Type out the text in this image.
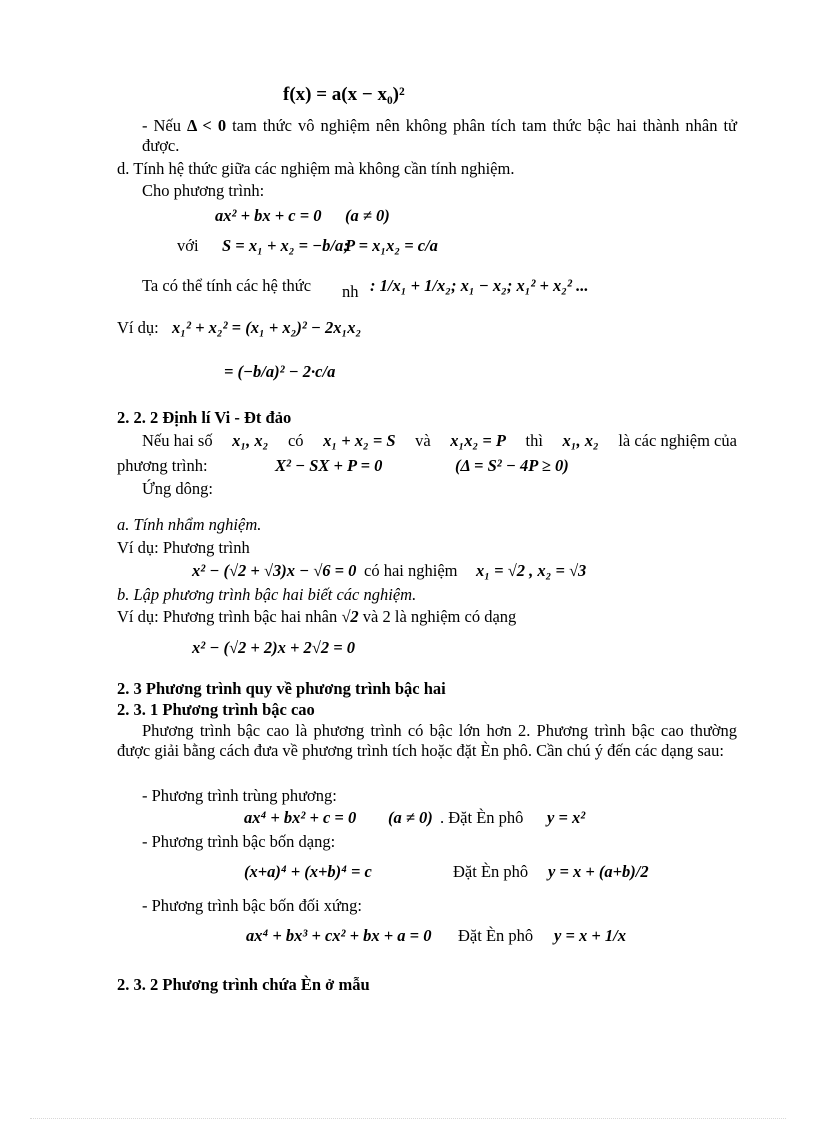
f(x) = a(x − x₀)²
- Nếu Δ < 0 tam thức vô nghiệm nên không phân tích tam thức bậc hai thành nhân tử được.
d. Tính hệ thức giữa các nghiệm mà không cần tính nghiệm.
Cho phương trình:
ax² + bx + c = 0 (a ≠ 0)
với S = x₁ + x₂ = −b/a;
P = x₁x₂ = c/a
Ta có thể tính các hệ thức nh : 1/x₁ + 1/x₂; x₁ − x₂; x₁² + x₂² ...
Ví dụ: x₁² + x₂² = (x₁ + x₂)² − 2x₁x₂
= (−b/a)² − 2·c/a
2. 2. 2 Định lí Vi - Đt đảo
Nếu hai số x₁, x₂ có x₁ + x₂ = S và x₁x₂ = P thì x₁, x₂ là các nghiệm của
phương trình:	X² − SX + P = 0	(Δ = S² − 4P ≥ 0)
Ứng dông:
a. Tính nhẩm nghiệm.
Ví dụ: Phương trình
x² − (√2 + √3)x − √6 = 0 có hai nghiệm x₁ = √2 , x₂ = √3
b. Lập phương trình bậc hai biết các nghiệm.
Ví dụ: Phương trình bậc hai nhân √2 và 2 là nghiệm có dạng
x² − (√2 + 2)x + 2√2 = 0
2. 3 Phương trình quy về phương trình bậc hai
2. 3. 1 Phương trình bậc cao
Phương trình bậc cao là phương trình có bậc lớn hơn 2. Phương trình bậc cao thường được giải bằng cách đưa về phương trình tích hoặc đặt Èn phô. Cần chú ý đến các dạng sau:
- Phương trình trùng phương:
ax⁴ + bx² + c = 0 (a ≠ 0) . Đặt Èn phô y = x²
- Phương trình bậc bốn dạng:
(x+a)⁴ + (x+b)⁴ = c	Đặt Èn phô y = x + (a+b)/2
- Phương trình bậc bốn đối xứng:
ax⁴ + bx³ + cx² + bx + a = 0 Đặt Èn phô y = x + 1/x
2. 3. 2 Phương trình chứa Èn ở mẫu
